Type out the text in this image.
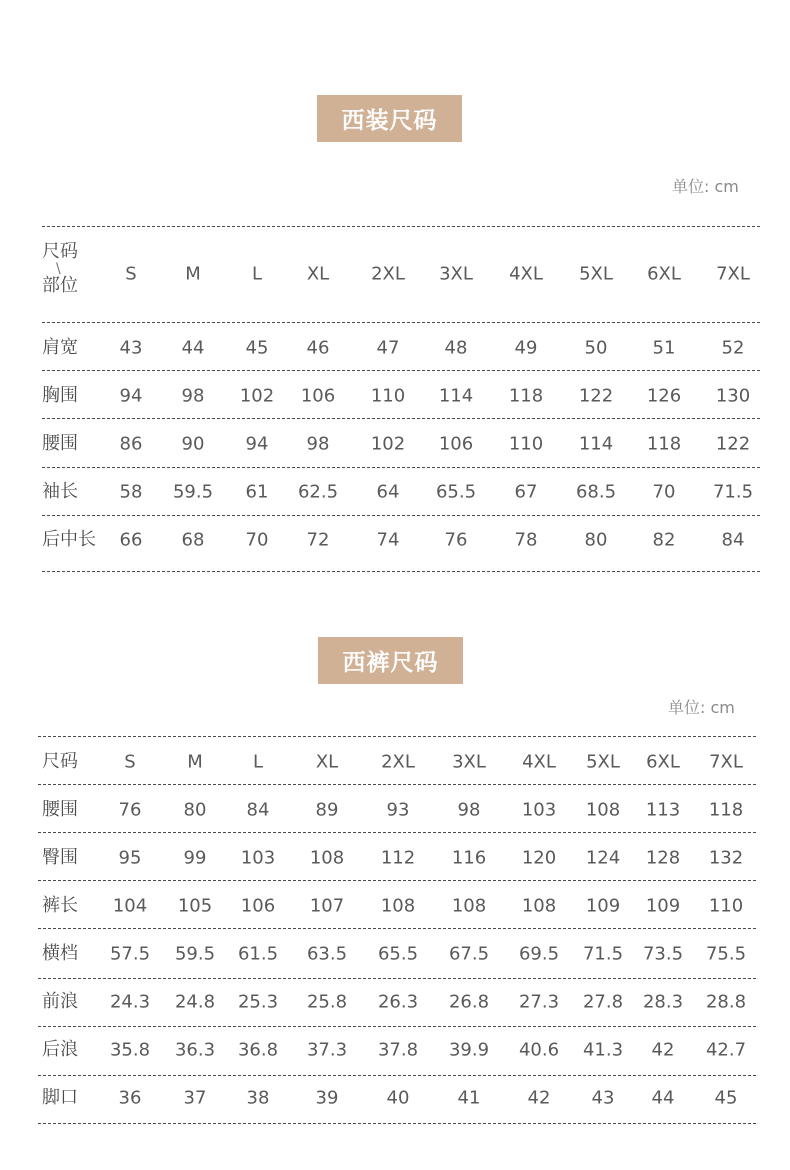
西装尺码
单位: cm
尺码
\
部位
S	M	L XL 2XL 3XL 4XL 5XL 6XL 7XL
肩宽 43 44 45 46	47	48	49	50	51	52
胸围 94 98 102 106 110 114 118 122 126 130
腰围 86 90 94 98 102 106 110 114 118 122
袖长 58 59.5 61 62.5 64 65.5 67 68.5 70 71.5
后中长 66 68 70 72	74	76	78	80	82	84
西裤尺码
单位: cm
尺码	S	M	L	XL 2XL 3XL 4XL 5XL 6XL 7XL
腰围 76 80 84	89	93	98 103 108 113 118
臀围 95 99 103 108 112 116 120 124 128 132
裤长 104 105 106 107 108 108 108 109 109 110
横档 57.5 59.5 61.5 63.5 65.5 67.5 69.5 71.5 73.5 75.5
前浪 24.3 24.8 25.3 25.8 26.3 26.8 27.3 27.8 28.3 28.8
后浪 35.8 36.3 36.8 37.3 37.8 39.9 40.6 41.3 42 42.7
脚口 36 37 38	39	40	41	42 43 44 45
